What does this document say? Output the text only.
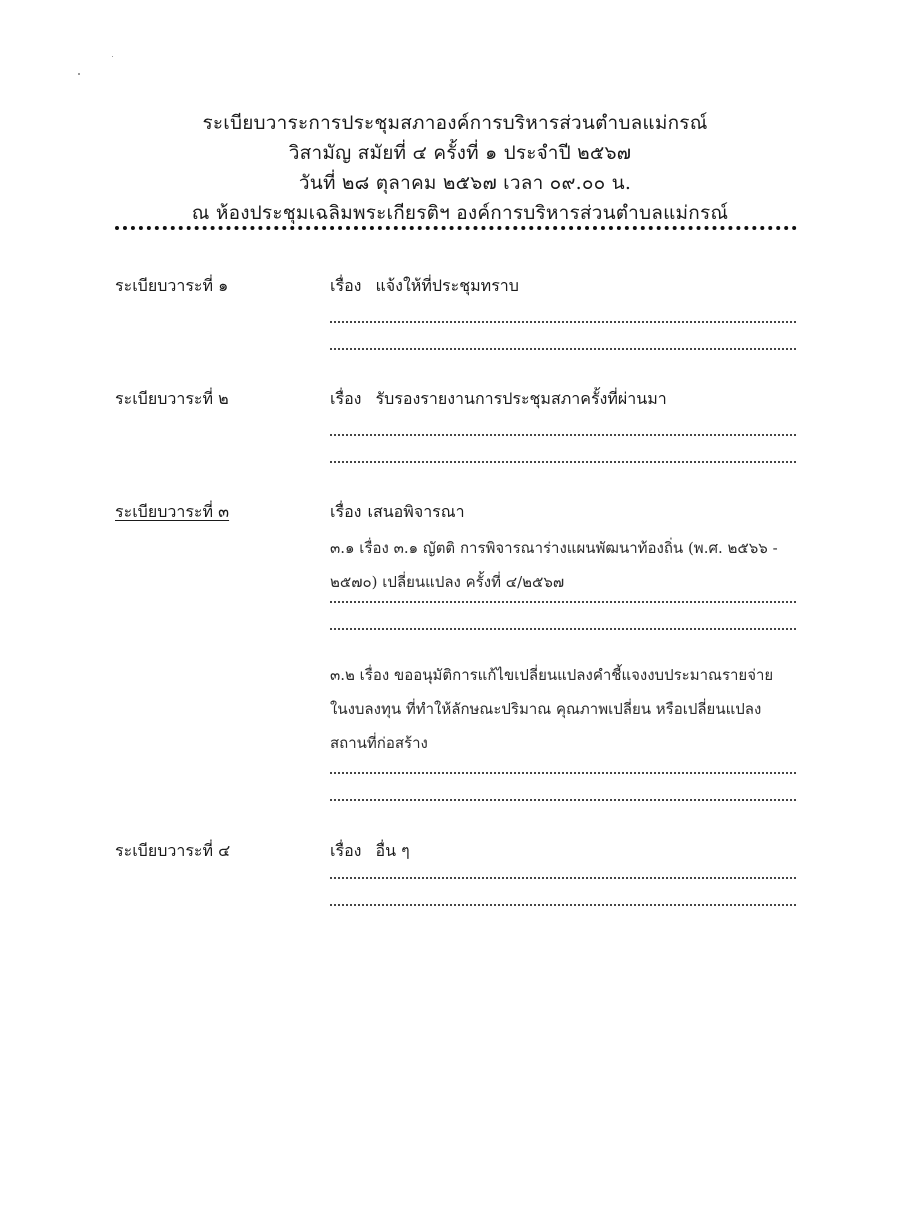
ระเบียบวาระการประชุมสภาองค์การบริหารส่วนตำบลแม่กรณ์
วิสามัญ สมัยที่ ๔ ครั้งที่ ๑ ประจำปี ๒๕๖๗
วันที่ ๒๘ ตุลาคม ๒๕๖๗ เวลา ๐๙.๐๐ น.
ณ ห้องประชุมเฉลิมพระเกียรติฯ องค์การบริหารส่วนตำบลแม่กรณ์
ระเบียบวาระที่ ๑	เรื่อง แจ้งให้ที่ประชุมทราบ
ระเบียบวาระที่ ๒	เรื่อง รับรองรายงานการประชุมสภาครั้งที่ผ่านมา
ระเบียบวาระที่ ๓	เรื่อง เสนอพิจารณา
๓.๑ เรื่อง ๓.๑ ญัตติ การพิจารณาร่างแผนพัฒนาท้องถิ่น (พ.ศ. ๒๕๖๖ -
๒๕๗๐) เปลี่ยนแปลง ครั้งที่ ๔/๒๕๖๗
๓.๒ เรื่อง ขออนุมัติการแก้ไขเปลี่ยนแปลงคำชี้แจงงบประมาณรายจ่าย
ในงบลงทุน ที่ทำให้ลักษณะปริมาณ คุณภาพเปลี่ยน หรือเปลี่ยนแปลง
สถานที่ก่อสร้าง
ระเบียบวาระที่ ๔	เรื่อง อื่น ๆ
